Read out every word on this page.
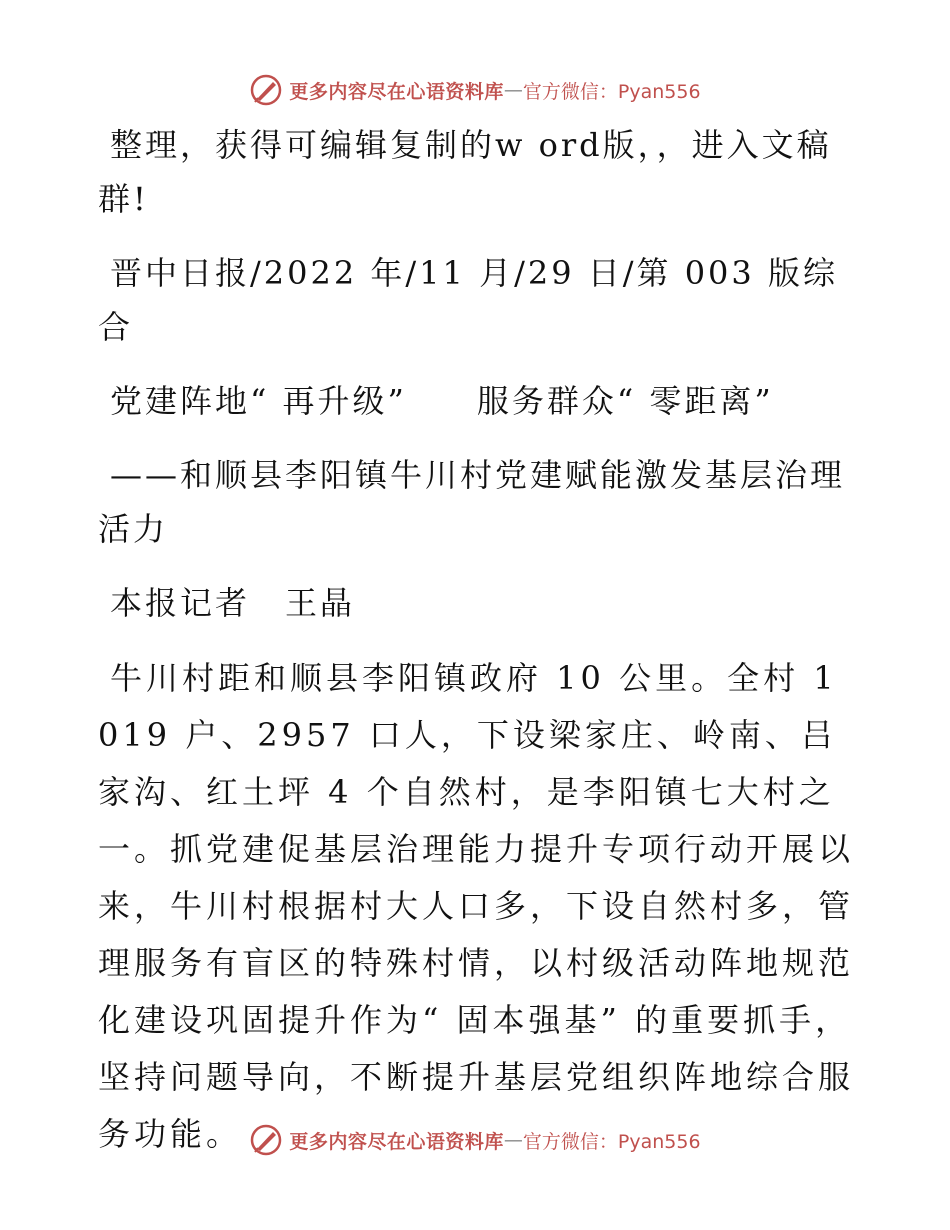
更多内容尽在心语资料库 — 官方微信：Pyan556

整理，获得可编辑复制的w ord版，，进入文稿群!

晋中日报/2022 年/11 月/29 日/第 003 版综合

党建阵地“ 再升级”　　服务群众“ 零距离”

——和顺县李阳镇牛川村党建赋能激发基层治理活力

本报记者　王晶

牛川村距和顺县李阳镇政府 10 公里。全村 1019 户、2957 口人，下设梁家庄、岭南、吕家沟、红土坪 4 个自然村，是李阳镇七大村之一。抓党建促基层治理能力提升专项行动开展以来，牛川村根据村大人口多，下设自然村多，管理服务有盲区的特殊村情，以村级活动阵地规范化建设巩固提升作为“ 固本强基” 的重要抓手，坚持问题导向，不断提升基层党组织阵地综合服务功能。	更多内容尽在心语资料库 — 官方微信：Pyan556
